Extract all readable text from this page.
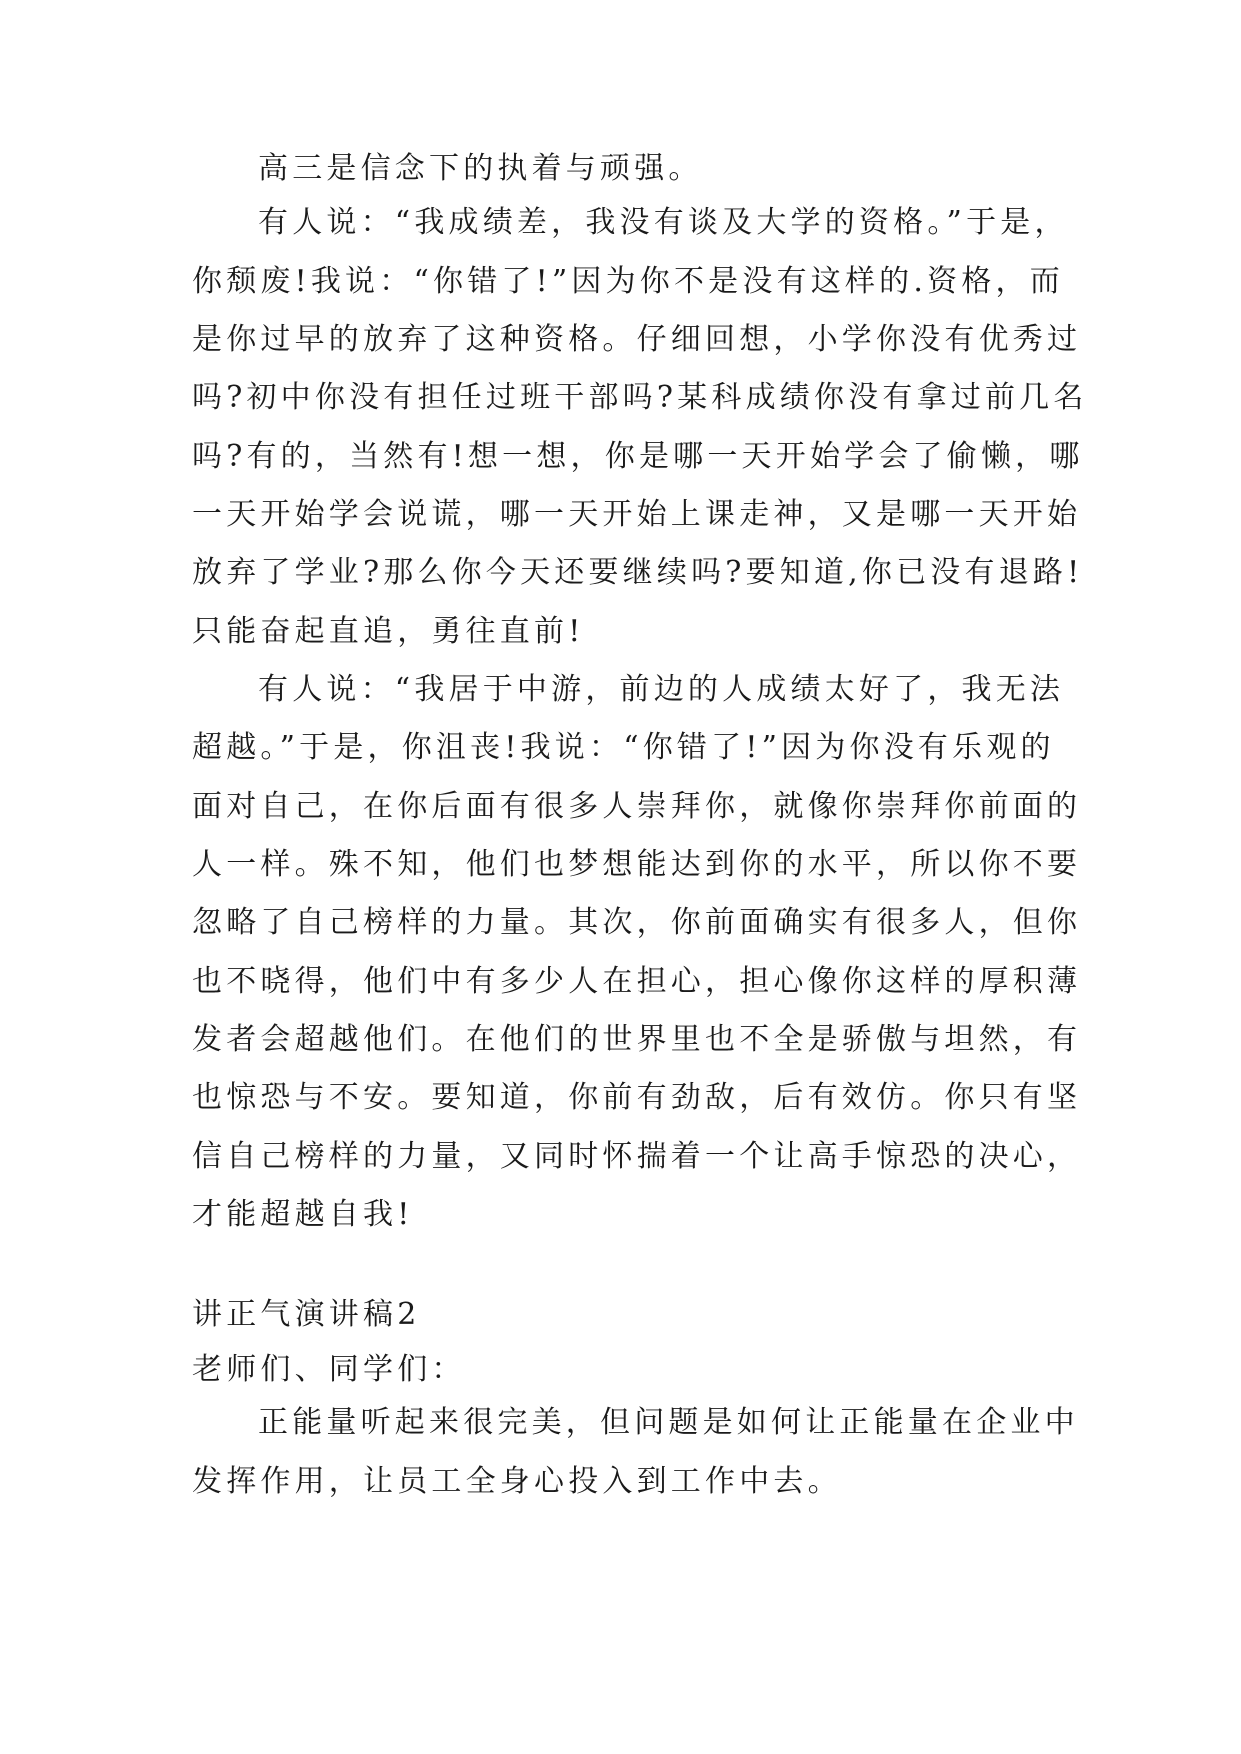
高三是信念下的执着与顽强。
有人说：“我成绩差，我没有谈及大学的资格。”于是，
你颓废!我说：“你错了!”因为你不是没有这样的.资格，而
是你过早的放弃了这种资格。仔细回想，小学你没有优秀过
吗?初中你没有担任过班干部吗?某科成绩你没有拿过前几名
吗?有的，当然有!想一想，你是哪一天开始学会了偷懒，哪
一天开始学会说谎，哪一天开始上课走神，又是哪一天开始
放弃了学业?那么你今天还要继续吗?要知道,你已没有退路!
只能奋起直追，勇往直前!
有人说：“我居于中游，前边的人成绩太好了，我无法
超越。”于是，你沮丧!我说：“你错了!”因为你没有乐观的
面对自己，在你后面有很多人崇拜你，就像你崇拜你前面的
人一样。殊不知，他们也梦想能达到你的水平，所以你不要
忽略了自己榜样的力量。其次，你前面确实有很多人，但你
也不晓得，他们中有多少人在担心，担心像你这样的厚积薄
发者会超越他们。在他们的世界里也不全是骄傲与坦然，有
也惊恐与不安。要知道，你前有劲敌，后有效仿。你只有坚
信自己榜样的力量，又同时怀揣着一个让高手惊恐的决心，
才能超越自我!
讲正气演讲稿2
老师们、同学们：
正能量听起来很完美，但问题是如何让正能量在企业中
发挥作用，让员工全身心投入到工作中去。
